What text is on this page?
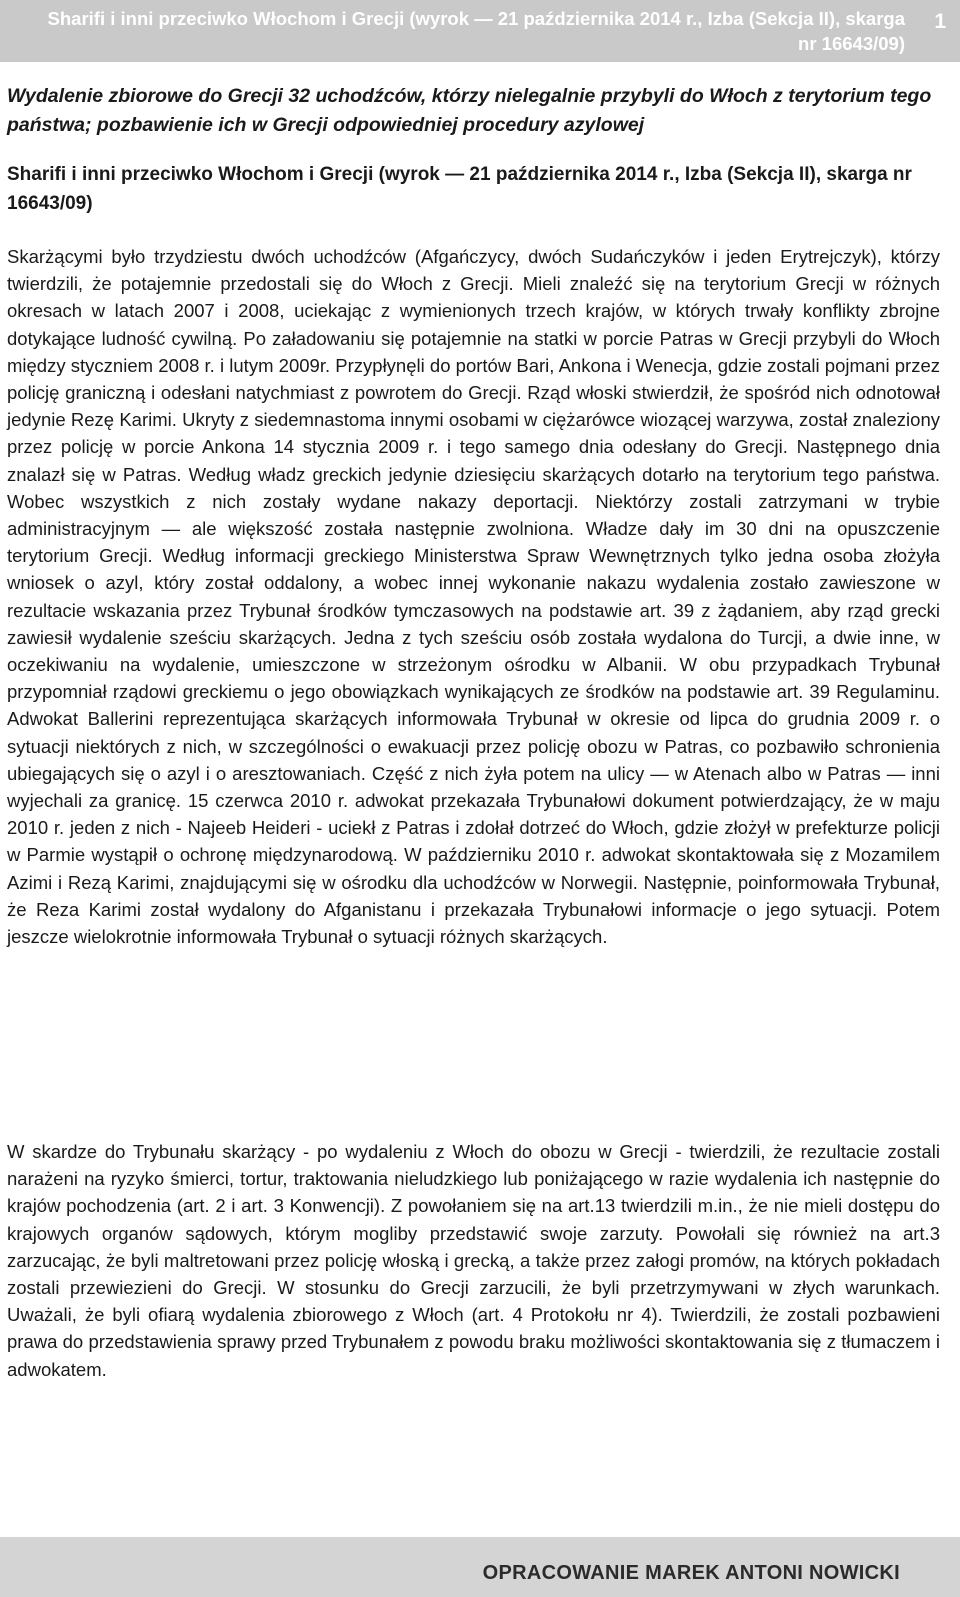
Sharifi i inni przeciwko Włochom i Grecji (wyrok — 21 października 2014 r., Izba (Sekcja II), skarga nr 16643/09)
1

Wydalenie zbiorowe do Grecji 32 uchodźców, którzy nielegalnie przybyli do Włoch z terytorium tego państwa; pozbawienie ich w Grecji odpowiedniej procedury azylowej

Sharifi i inni przeciwko Włochom i Grecji (wyrok — 21 października 2014 r., Izba (Sekcja II), skarga nr 16643/09)

Skarżącymi było trzydziestu dwóch uchodźców (Afgańczycy, dwóch Sudańczyków i jeden Erytrejczyk), którzy twierdzili, że potajemnie przedostali się do Włoch z Grecji. Mieli znaleźć się na terytorium Grecji w różnych okresach w latach 2007 i 2008, uciekając z wymienionych trzech krajów, w których trwały konflikty zbrojne dotykające ludność cywilną. Po załadowaniu się potajemnie na statki w porcie Patras w Grecji przybyli do Włoch między styczniem 2008 r. i lutym 2009r. Przypłynęli do portów Bari, Ankona i Wenecja, gdzie zostali pojmani przez policję graniczną i odesłani natychmiast z powrotem do Grecji. Rząd włoski stwierdził, że spośród nich odnotował jedynie Rezę Karimi. Ukryty z siedemnastoma innymi osobami w ciężarówce wiozącej warzywa, został znaleziony przez policję w porcie Ankona 14 stycznia 2009 r. i tego samego dnia odesłany do Grecji. Następnego dnia znalazł się w Patras. Według władz greckich jedynie dziesięciu skarżących dotarło na terytorium tego państwa. Wobec wszystkich z nich zostały wydane nakazy deportacji. Niektórzy zostali zatrzymani w trybie administracyjnym — ale większość została następnie zwolniona. Władze dały im 30 dni na opuszczenie terytorium Grecji. Według informacji greckiego Ministerstwa Spraw Wewnętrznych tylko jedna osoba złożyła wniosek o azyl, który został oddalony, a wobec innej wykonanie nakazu wydalenia zostało zawieszone w rezultacie wskazania przez Trybunał środków tymczasowych na podstawie art. 39 z żądaniem, aby rząd grecki zawiesił wydalenie sześciu skarżących. Jedna z tych sześciu osób została wydalona do Turcji, a dwie inne, w oczekiwaniu na wydalenie, umieszczone w strzeżonym ośrodku w Albanii. W obu przypadkach Trybunał przypomniał rządowi greckiemu o jego obowiązkach wynikających ze środków na podstawie art. 39 Regulaminu. Adwokat Ballerini reprezentująca skarżących informowała Trybunał w okresie od lipca do grudnia 2009 r. o sytuacji niektórych z nich, w szczególności o ewakuacji przez policję obozu w Patras, co pozbawiło schronienia ubiegających się o azyl i o aresztowaniach. Część z nich żyła potem na ulicy — w Atenach albo w Patras — inni wyjechali za granicę. 15 czerwca 2010 r. adwokat przekazała Trybunałowi dokument potwierdzający, że w maju 2010 r. jeden z nich - Najeeb Heideri - uciekł z Patras i zdołał dotrzeć do Włoch, gdzie złożył w prefekturze policji w Parmie wystąpił o ochronę międzynarodową. W październiku 2010 r. adwokat skontaktowała się z Mozamilem Azimi i Rezą Karimi, znajdującymi się w ośrodku dla uchodźców w Norwegii. Następnie, poinformowała Trybunał, że Reza Karimi został wydalony do Afganistanu i przekazała Trybunałowi informacje o jego sytuacji. Potem jeszcze wielokrotnie informowała Trybunał o sytuacji różnych skarżących.

W skardze do Trybunału skarżący - po wydaleniu z Włoch do obozu w Grecji - twierdzili, że rezultacie zostali narażeni na ryzyko śmierci, tortur, traktowania nieludzkiego lub poniżającego w razie wydalenia ich następnie do krajów pochodzenia (art. 2 i art. 3 Konwencji). Z powołaniem się na art.13 twierdzili m.in., że nie mieli dostępu do krajowych organów sądowych, którym mogliby przedstawić swoje zarzuty. Powołali się również na art.3 zarzucając, że byli maltretowani przez policję włoską i grecką, a także przez załogi promów, na których pokładach zostali przewiezieni do Grecji. W stosunku do Grecji zarzucili, że byli przetrzymywani w złych warunkach. Uważali, że byli ofiarą wydalenia zbiorowego z Włoch (art. 4 Protokołu nr 4). Twierdzili, że zostali pozbawieni prawa do przedstawienia sprawy przed Trybunałem z powodu braku możliwości skontaktowania się z tłumaczem i adwokatem.

OPRACOWANIE MAREK ANTONI NOWICKI
